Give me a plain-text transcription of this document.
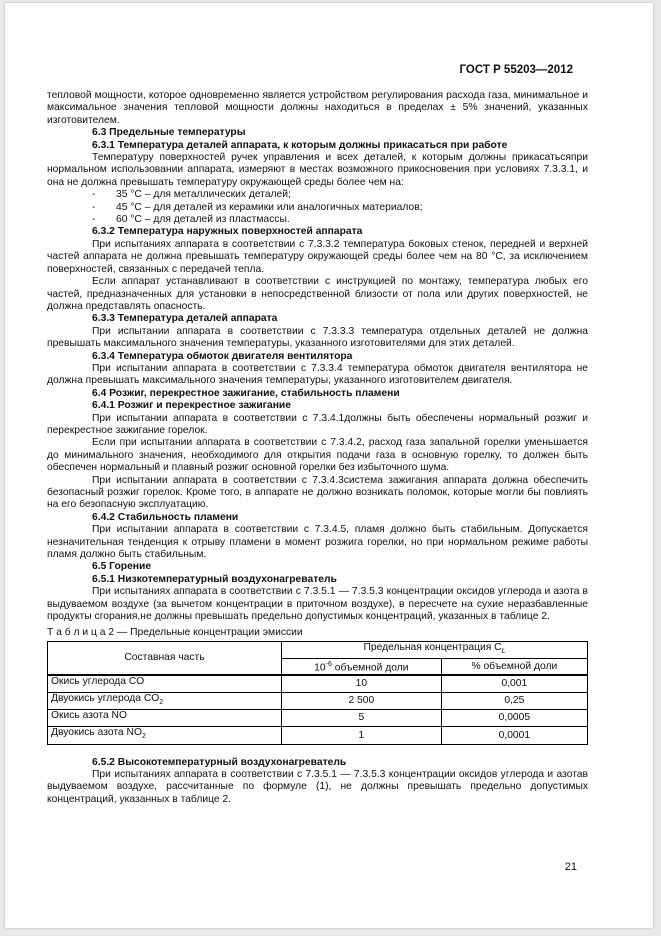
ГОСТ Р 55203—2012
тепловой мощности, которое одновременно является устройством регулирования расхода газа, минимальное и максимальное значения тепловой мощности должны находиться в пределах ± 5% значений, указанных изготовителем.
6.3 Предельные температуры
6.3.1 Температура деталей аппарата, к которым должны прикасаться при работе
Температуру поверхностей ручек управления и всех деталей, к которым должны прикасатьсяпри нормальном использовании аппарата, измеряют в местах возможного прикосновения при условиях 7.3.3.1, и она не должна превышать температуру окружающей среды более чем на:
- 35 °C – для металлических деталей;
- 45 °C – для деталей из керамики или аналогичных материалов;
- 60 °C – для деталей из пластмассы.
6.3.2 Температура наружных поверхностей аппарата
При испытаниях аппарата в соответствии с 7.3.3.2 температура боковых стенок, передней и верхней частей аппарата не должна превышать температуру окружающей среды более чем на 80 °C, за исключением поверхностей, связанных с передачей тепла.
Если аппарат устанавливают в соответствии с инструкцией по монтажу, температура любых его частей, предназначенных для установки в непосредственной близости от пола или других поверхностей, не должна представлять опасность.
6.3.3 Температура деталей аппарата
При испытании аппарата в соответствии с 7.3.3.3 температура отдельных деталей не должна превышать максимального значения температуры, указанного изготовителями для этих деталей.
6.3.4 Температура обмоток двигателя вентилятора
При испытании аппарата в соответствии с 7.3.3.4 температура обмоток двигателя вентилятора не должна превышать максимального значения температуры, указанного изготовителем двигателя.
6.4 Розжиг, перекрестное зажигание, стабильность пламени
6.4.1 Розжиг и перекрестное зажигание
При испытании аппарата в соответствии с 7.3.4.1должны быть обеспечены нормальный розжиг и перекрестное зажигание горелок.
Если при испытании аппарата в соответствии с 7.3.4.2, расход газа запальной горелки уменьшается до минимального значения, необходимого для открытия подачи газа в основную горелку, то должен быть обеспечен нормальный и плавный розжиг основной горелки без избыточного шума.
При испытании аппарата в соответствии с 7.3.4.3система зажигания аппарата должна обеспечить безопасный розжиг горелок. Кроме того, в аппарате не должно возникать поломок, которые могли бы повлиять на его безопасную эксплуатацию.
6.4.2 Стабильность пламени
При испытании аппарата в соответствии с 7.3.4.5, пламя должно быть стабильным. Допускается незначительная тенденция к отрыву пламени в момент розжига горелки, но при нормальном режиме работы пламя должно быть стабильным.
6.5 Горение
6.5.1 Низкотемпературный воздухонагреватель
При испытаниях аппарата в соответствии с 7.3.5.1 — 7.3.5.3 концентрации оксидов углерода и азота в выдуваемом воздухе (за вычетом концентрации в приточном воздухе), в пересчете на сухие неразбавленные продукты сгорания,не должны превышать предельно допустимых концентраций, указанных в таблице 2.
Т а б л и ц а 2 — Предельные концентрации эмиссии
Составная часть	Предельная концентрация $C_L$
	$10^{-6}$ объемной доли	% объемной доли
Окись углерода CO	10	0,001
Двуокись углерода $CO_2$	2 500	0,25
Окись азота NO	5	0,0005
Двуокись азота $NO_2$	1	0,0001
6.5.2 Высокотемпературный воздухонагреватель
При испытаниях аппарата в соответствии с 7.3.5.1 — 7.3.5.3 концентрации оксидов углерода и азотав выдуваемом воздухе, рассчитанные по формуле (1), не должны превышать предельно допустимых концентраций, указанных в таблице 2.
21
